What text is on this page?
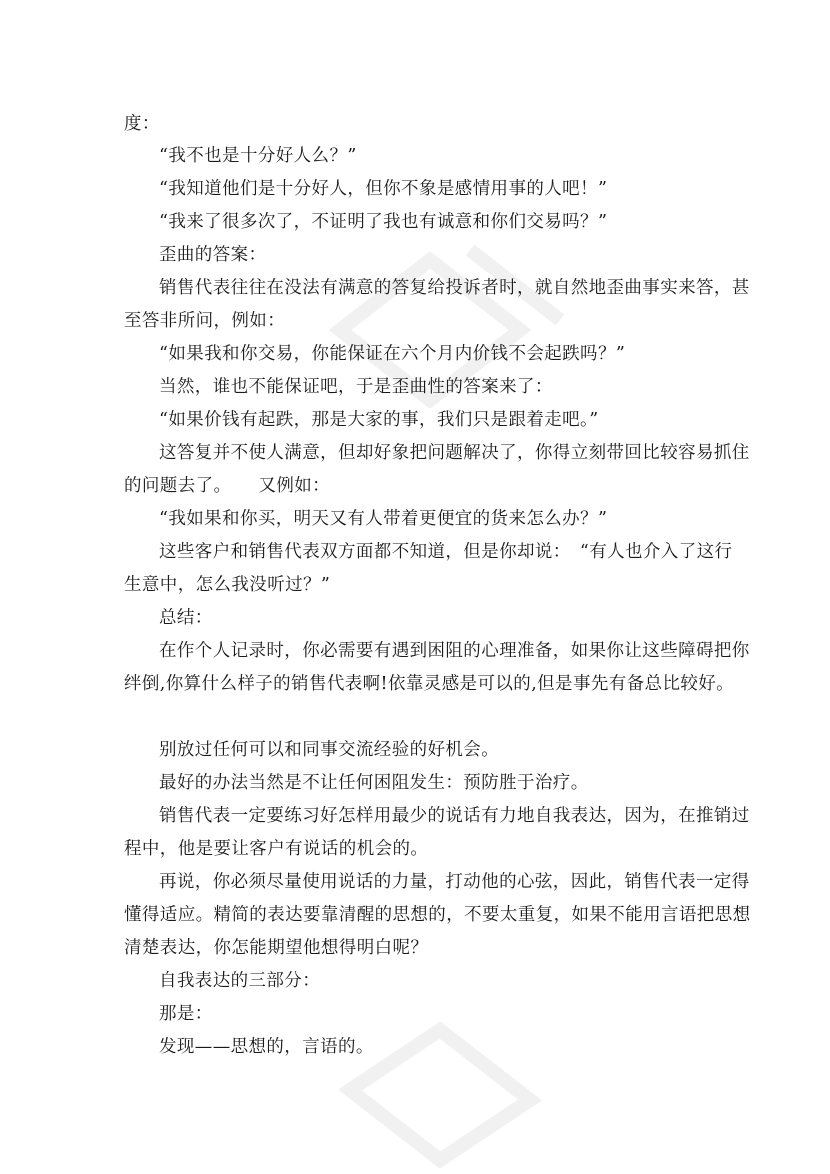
度：
“我不也是十分好人么？”
“我知道他们是十分好人，但你不象是感情用事的人吧！”
“我来了很多次了，不证明了我也有诚意和你们交易吗？”
歪曲的答案：
销售代表往往在没法有满意的答复给投诉者时，就自然地歪曲事实来答，甚
至答非所问，例如：
“如果我和你交易，你能保证在六个月内价钱不会起跌吗？”
当然，谁也不能保证吧，于是歪曲性的答案来了：
“如果价钱有起跌，那是大家的事，我们只是跟着走吧。”
这答复并不使人满意，但却好象把问题解决了，你得立刻带回比较容易抓住
的问题去了。　　又例如：
“我如果和你买，明天又有人带着更便宜的货来怎么办？”
这些客户和销售代表双方面都不知道，但是你却说：　“有人也介入了这行
生意中，怎么我没听过？”
总结：
在作个人记录时，你必需要有遇到困阻的心理准备，如果你让这些障碍把你
绊倒,你算什么样子的销售代表啊!依靠灵感是可以的,但是事先有备总比较好。
别放过任何可以和同事交流经验的好机会。
最好的办法当然是不让任何困阻发生：预防胜于治疗。
销售代表一定要练习好怎样用最少的说话有力地自我表达，因为，在推销过
程中，他是要让客户有说话的机会的。
再说，你必须尽量使用说话的力量，打动他的心弦，因此，销售代表一定得
懂得适应。精简的表达要靠清醒的思想的，不要太重复，如果不能用言语把思想
清楚表达，你怎能期望他想得明白呢？
自我表达的三部分：
那是：
发现——思想的，言语的。
